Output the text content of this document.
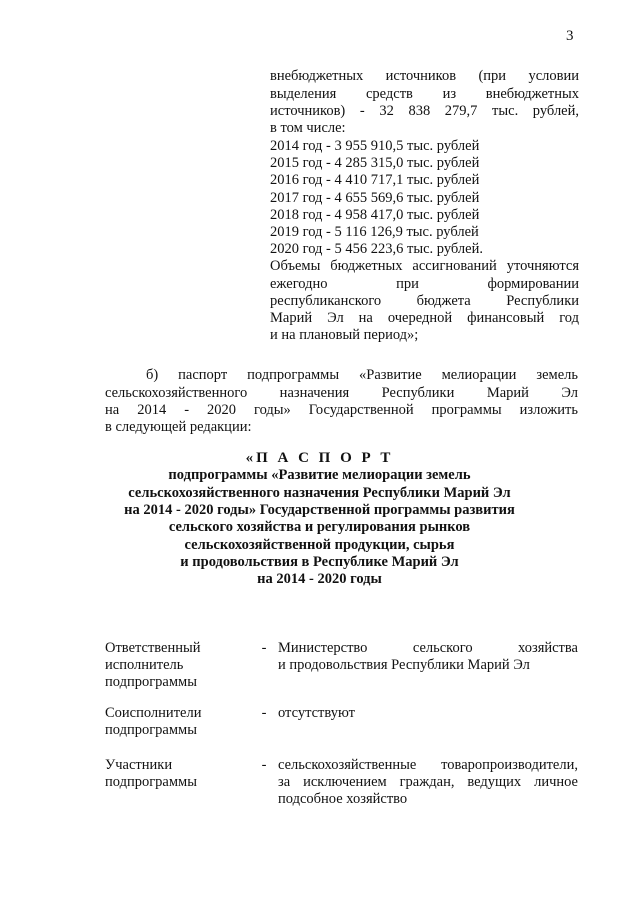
3
внебюджетных источников (при условии
выделения средств из внебюджетных
источников) - 32 838 279,7 тыс. рублей,
в том числе:
2014 год - 3 955 910,5 тыс. рублей
2015 год - 4 285 315,0 тыс. рублей
2016 год - 4 410 717,1 тыс. рублей
2017 год - 4 655 569,6 тыс. рублей
2018 год - 4 958 417,0 тыс. рублей
2019 год - 5 116 126,9 тыс. рублей
2020 год - 5 456 223,6 тыс. рублей.
Объемы бюджетных ассигнований уточняются
ежегодно при формировании
республиканского бюджета Республики
Марий Эл на очередной финансовый год
и на плановый период»;
б) паспорт подпрограммы «Развитие мелиорации земель
сельскохозяйственного назначения Республики Марий Эл
на 2014 - 2020 годы» Государственной программы изложить
в следующей редакции:
«П А С П О Р Т
подпрограммы «Развитие мелиорации земель
сельскохозяйственного назначения Республики Марий Эл
на 2014 - 2020 годы» Государственной программы развития
сельского хозяйства и регулирования рынков
сельскохозяйственной продукции, сырья
и продовольствия в Республике Марий Эл
на 2014 - 2020 годы
Ответственный
исполнитель
подпрограммы
- Министерство сельского хозяйства
и продовольствия Республики Марий Эл
Соисполнители
подпрограммы
- отсутствуют
Участники
подпрограммы
- сельскохозяйственные товаропроизводители,
за исключением граждан, ведущих личное
подсобное хозяйство
